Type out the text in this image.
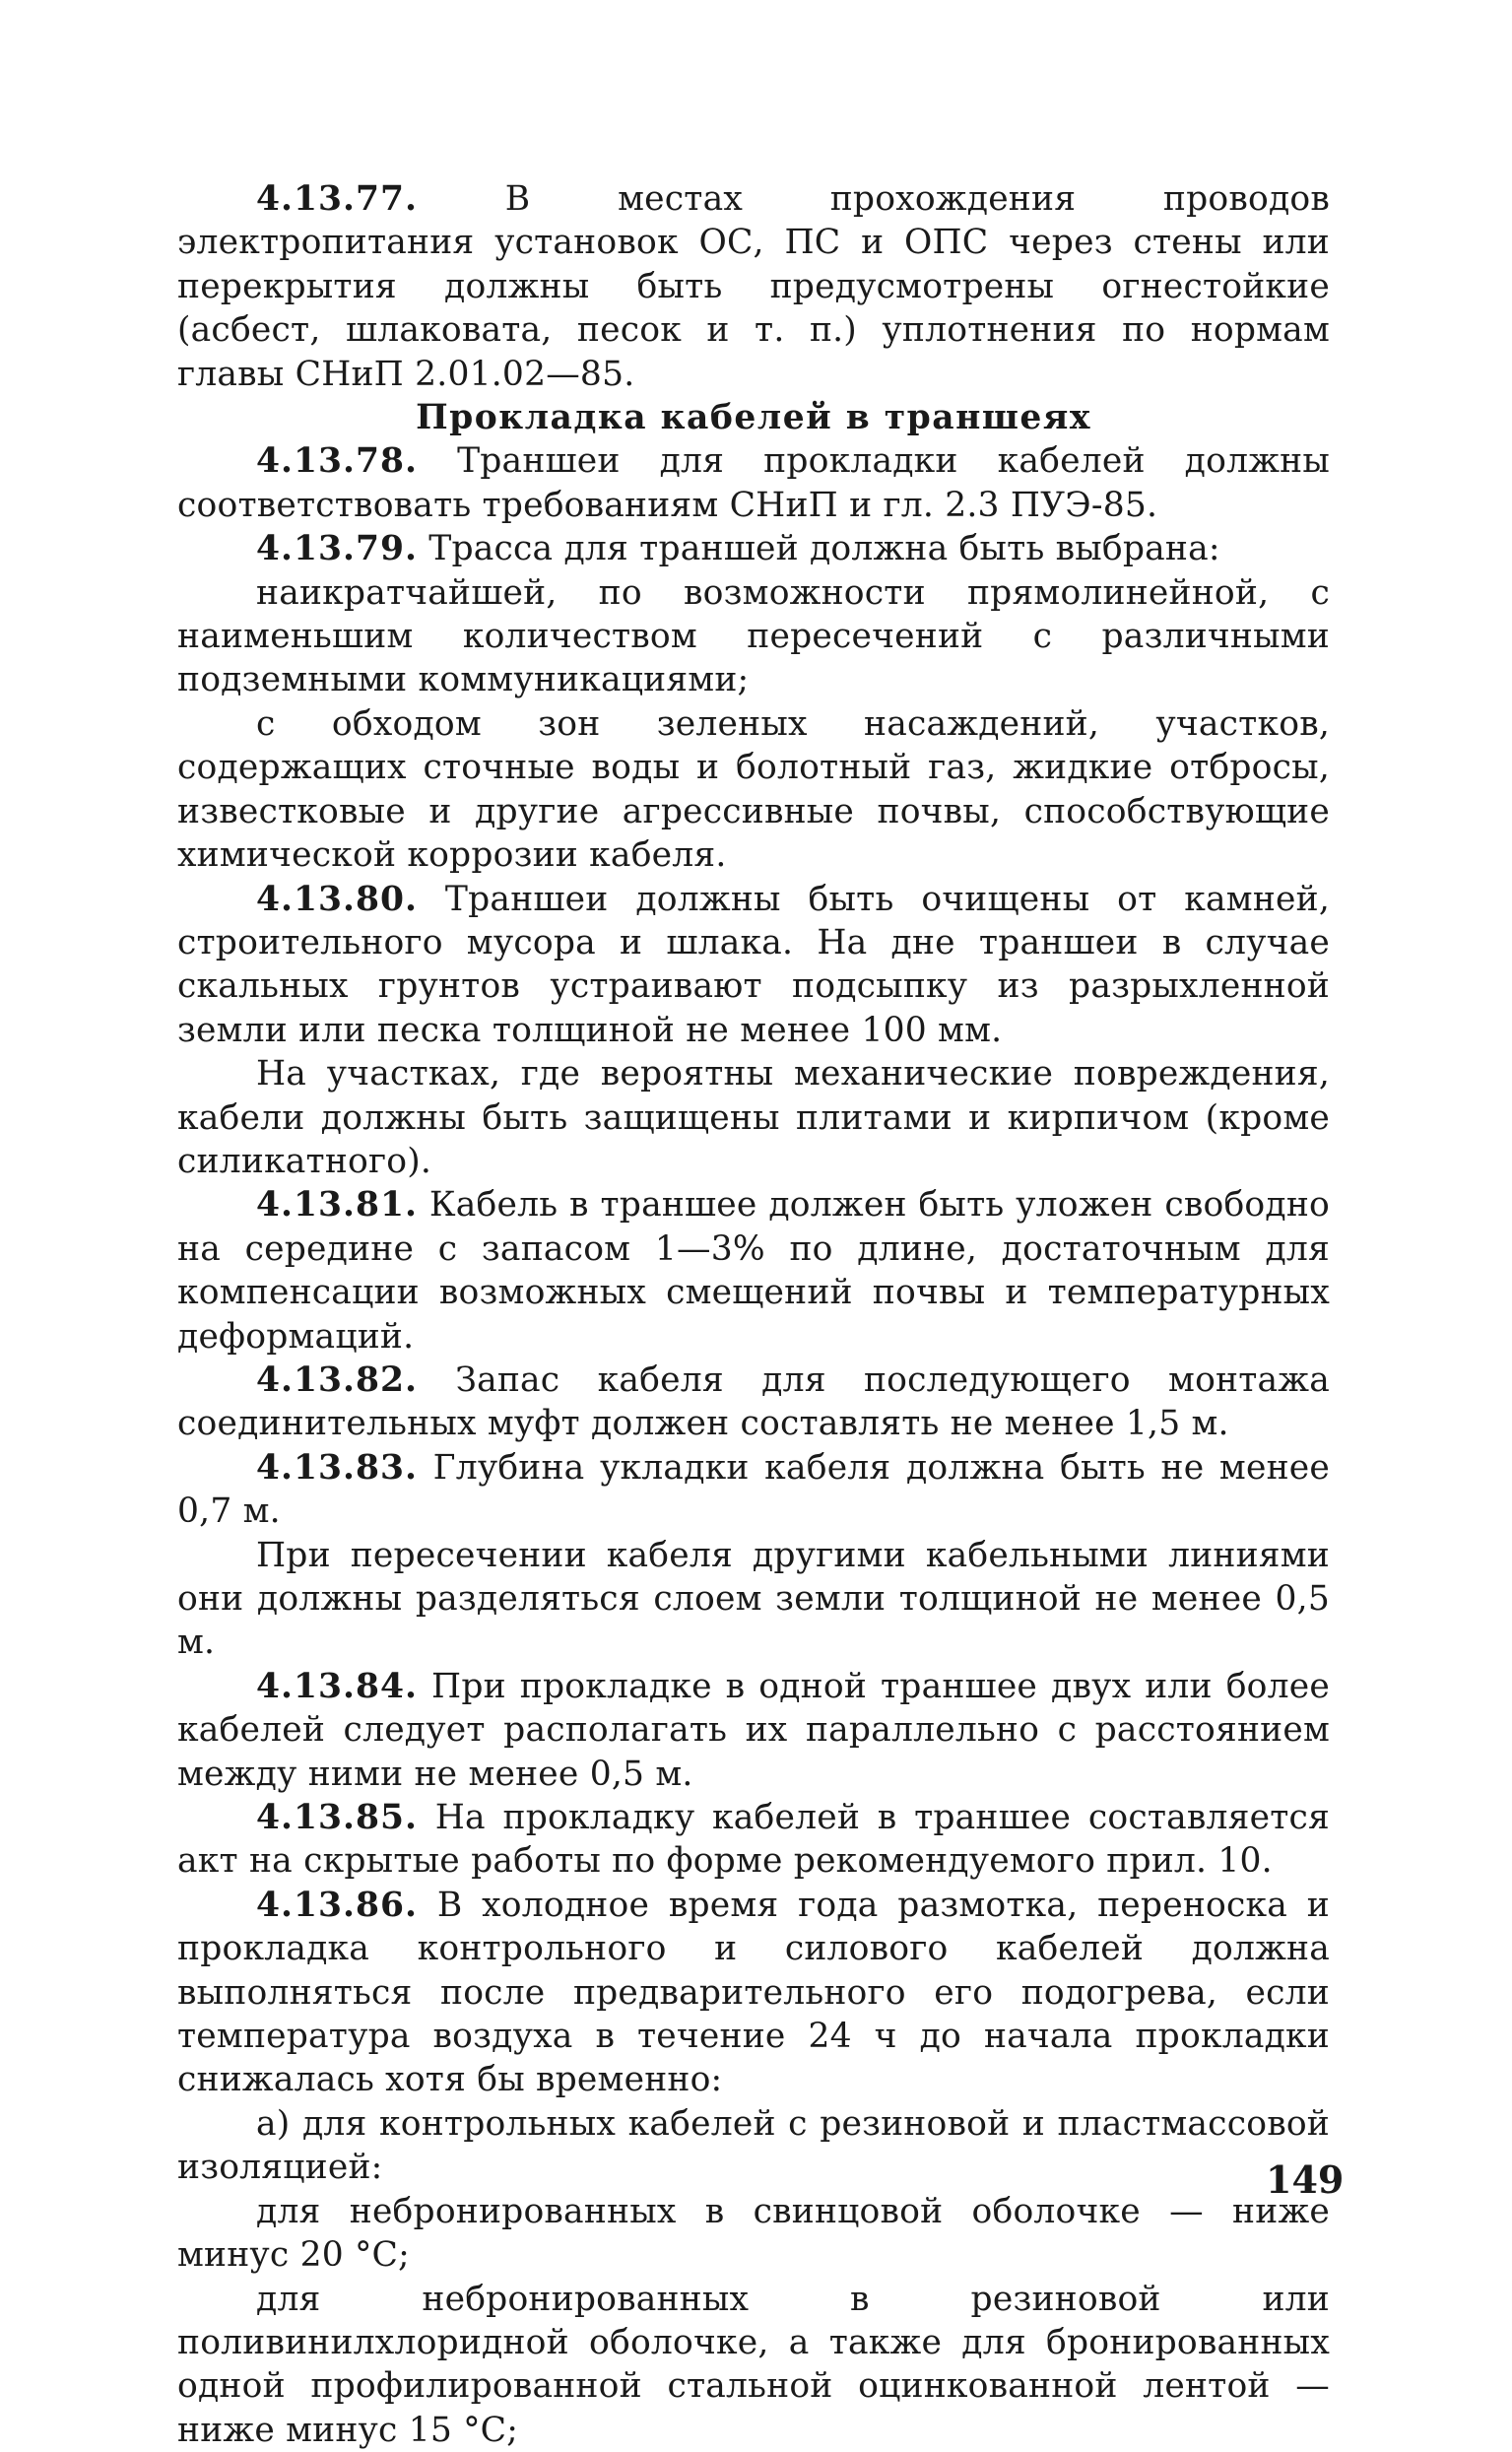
4.13.77. В местах прохождения проводов электропитания установок ОС, ПС и ОПС через стены или перекрытия должны быть предусмотрены огнестойкие (асбест, шлаковата, песок и т. п.) уплотнения по нормам главы СНиП 2.01.02—85.

Прокладка кабелей в траншеях

4.13.78. Траншеи для прокладки кабелей должны соответствовать требованиям СНиП и гл. 2.3 ПУЭ-85.

4.13.79. Трасса для траншей должна быть выбрана:

наикратчайшей, по возможности прямолинейной, с наименьшим количеством пересечений с различными подземными коммуникациями;

с обходом зон зеленых насаждений, участков, содержащих сточные воды и болотный газ, жидкие отбросы, известковые и другие агрессивные почвы, способствующие химической коррозии кабеля.

4.13.80. Траншеи должны быть очищены от камней, строительного мусора и шлака. На дне траншеи в случае скальных грунтов устраивают подсыпку из разрыхленной земли или песка толщиной не менее 100 мм.

На участках, где вероятны механические повреждения, кабели должны быть защищены плитами и кирпичом (кроме силикатного).

4.13.81. Кабель в траншее должен быть уложен свободно на середине с запасом 1—3% по длине, достаточным для компенсации возможных смещений почвы и температурных деформаций.

4.13.82. Запас кабеля для последующего монтажа соединительных муфт должен составлять не менее 1,5 м.

4.13.83. Глубина укладки кабеля должна быть не менее 0,7 м.

При пересечении кабеля другими кабельными линиями они должны разделяться слоем земли толщиной не менее 0,5 м.

4.13.84. При прокладке в одной траншее двух или более кабелей следует располагать их параллельно с расстоянием между ними не менее 0,5 м.

4.13.85. На прокладку кабелей в траншее составляется акт на скрытые работы по форме рекомендуемого прил. 10.

4.13.86. В холодное время года размотка, переноска и прокладка контрольного и силового кабелей должна выполняться после предварительного его подогрева, если температура воздуха в течение 24 ч до начала прокладки снижалась хотя бы временно:

а) для контрольных кабелей с резиновой и пластмассовой изоляцией:

для небронированных в свинцовой оболочке — ниже минус 20 °С;

для небронированных в резиновой или поливинилхлоридной оболочке, а также для бронированных одной профилированной стальной оцинкованной лентой — ниже минус 15 °С;

149
